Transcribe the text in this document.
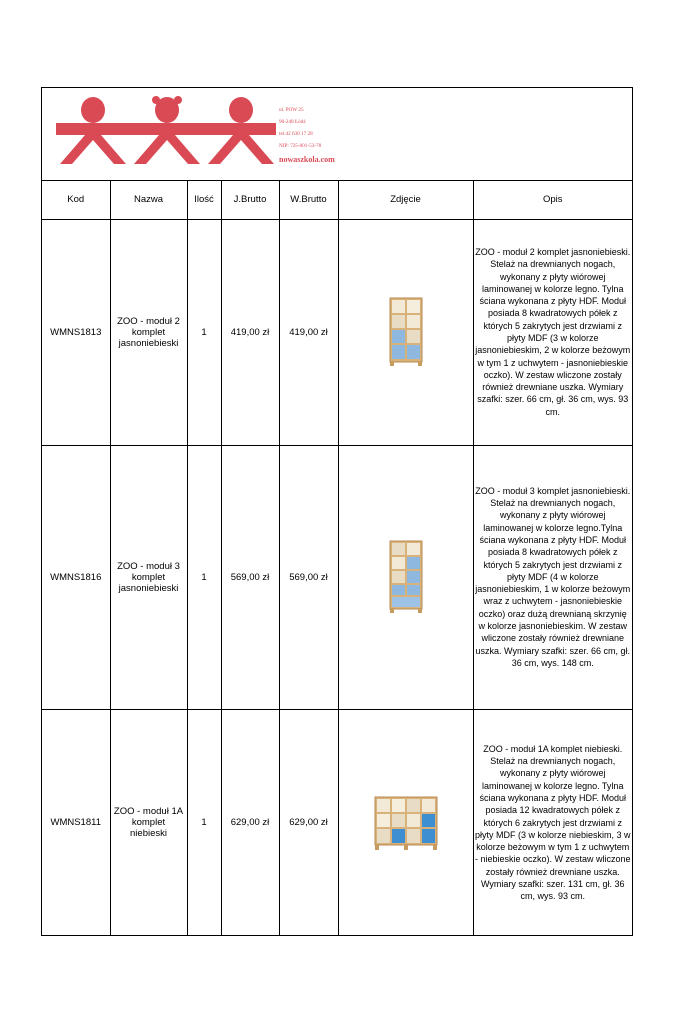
ul. POW 25
90-248 Łódź
tel.42 630 17 28
NIP: 725-001-53-78
nowaszkola.com
Kod	Nazwa	Ilość	J.Brutto	W.Brutto	Zdjęcie	Opis
WMNS1813	ZOO - moduł 2 komplet jasnoniebieski	1	419,00 zł	419,00 zł		ZOO - moduł 2 komplet jasnoniebieski. Stelaż na drewnianych nogach, wykonany z płyty wiórowej laminowanej w kolorze legno. Tylna ściana wykonana z płyty HDF. Moduł posiada 8 kwadratowych półek z których 5 zakrytych jest drzwiami z płyty MDF (3 w kolorze jasnoniebieskim, 2 w kolorze beżowym w tym 1 z uchwytem - jasnoniebieskie oczko). W zestaw wliczone zostały również drewniane uszka. Wymiary szafki: szer. 66 cm, gł. 36 cm, wys. 93 cm.
WMNS1816	ZOO - moduł 3 komplet jasnoniebieski	1	569,00 zł	569,00 zł		ZOO - moduł 3 komplet jasnoniebieski. Stelaż na drewnianych nogach, wykonany z płyty wiórowej laminowanej w kolorze legno.Tylna ściana wykonana z płyty HDF. Moduł posiada 8 kwadratowych półek z których 5 zakrytych jest drzwiami z płyty MDF (4 w kolorze jasnoniebieskim, 1 w kolorze beżowym wraz z uchwytem - jasnoniebieskie oczko) oraz dużą drewnianą skrzynię w kolorze jasnoniebieskim. W zestaw wliczone zostały również drewniane uszka. Wymiary szafki: szer. 66 cm, gł. 36 cm, wys. 148 cm.
WMNS1811	ZOO - moduł 1A komplet niebieski	1	629,00 zł	629,00 zł		ZOO - moduł 1A komplet niebieski. Stelaż na drewnianych nogach, wykonany z płyty wiórowej laminowanej w kolorze legno. Tylna ściana wykonana z płyty HDF. Moduł posiada 12 kwadratowych półek z których 6 zakrytych jest drzwiami z płyty MDF (3 w kolorze niebieskim, 3 w kolorze beżowym w tym 1 z uchwytem - niebieskie oczko). W zestaw wliczone zostały również drewniane uszka. Wymiary szafki: szer. 131 cm, gł. 36 cm, wys. 93 cm.
